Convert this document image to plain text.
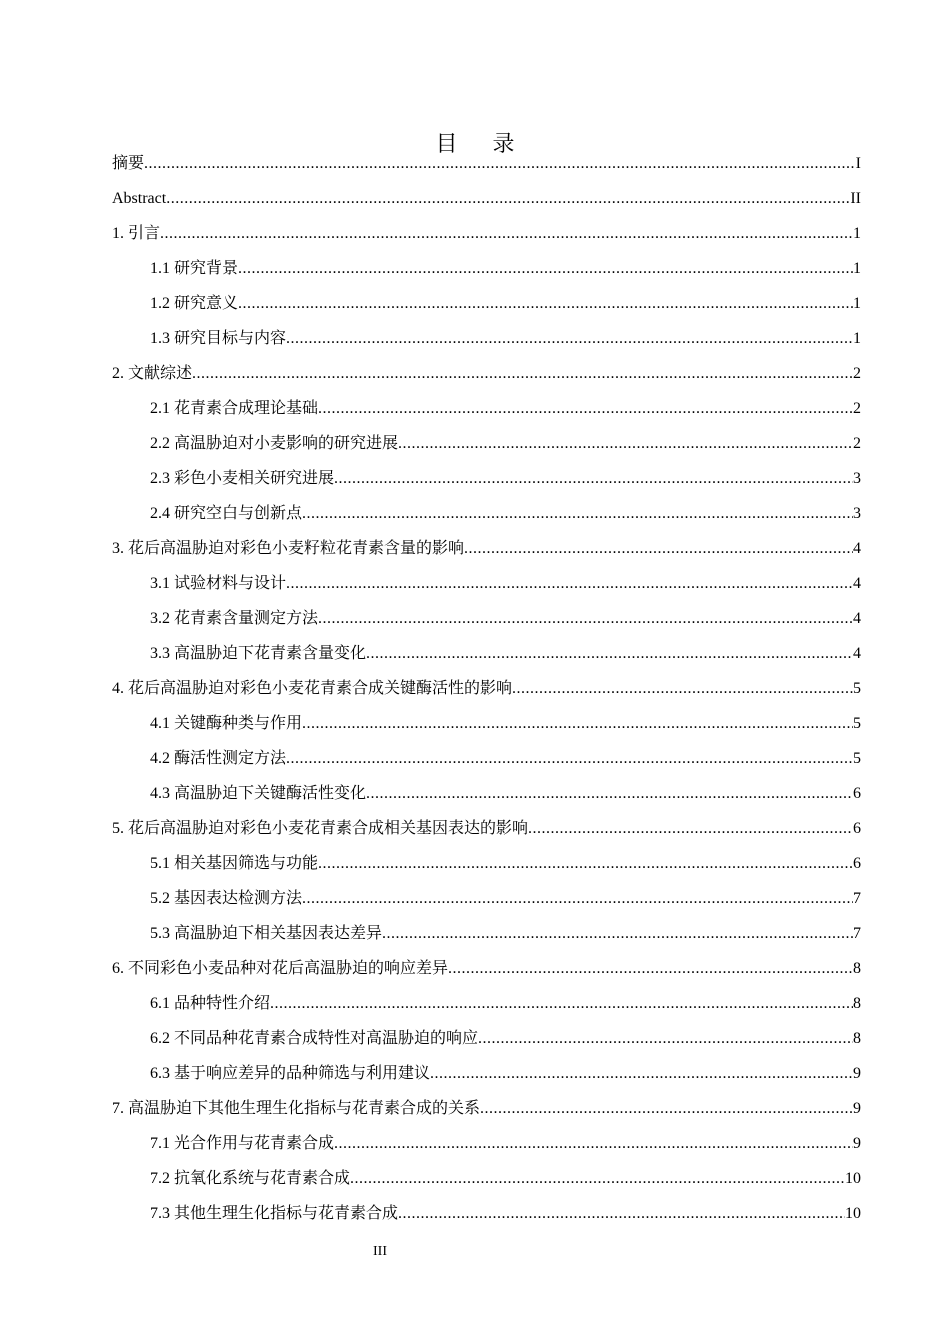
目 录
摘要 .....	I
Abstract .....	II
1. 引言 .....	1
1.1 研究背景 .....	1
1.2 研究意义 .....	1
1.3 研究目标与内容 .....	1
2. 文献综述 .....	2
2.1 花青素合成理论基础 .....	2
2.2 高温胁迫对小麦影响的研究进展 .....	2
2.3 彩色小麦相关研究进展 .....	3
2.4 研究空白与创新点 .....	3
3. 花后高温胁迫对彩色小麦籽粒花青素含量的影响 .....	4
3.1 试验材料与设计 .....	4
3.2 花青素含量测定方法 .....	4
3.3 高温胁迫下花青素含量变化 .....	4
4. 花后高温胁迫对彩色小麦花青素合成关键酶活性的影响 .....	5
4.1 关键酶种类与作用 .....	5
4.2 酶活性测定方法 .....	5
4.3 高温胁迫下关键酶活性变化 .....	6
5. 花后高温胁迫对彩色小麦花青素合成相关基因表达的影响 .....	6
5.1 相关基因筛选与功能 .....	6
5.2 基因表达检测方法 .....	7
5.3 高温胁迫下相关基因表达差异 .....	7
6. 不同彩色小麦品种对花后高温胁迫的响应差异 .....	8
6.1 品种特性介绍 .....	8
6.2 不同品种花青素合成特性对高温胁迫的响应 .....	8
6.3 基于响应差异的品种筛选与利用建议 .....	9
7. 高温胁迫下其他生理生化指标与花青素合成的关系 .....	9
7.1 光合作用与花青素合成 .....	9
7.2 抗氧化系统与花青素合成 .....	10
7.3 其他生理生化指标与花青素合成 .....	10
III
